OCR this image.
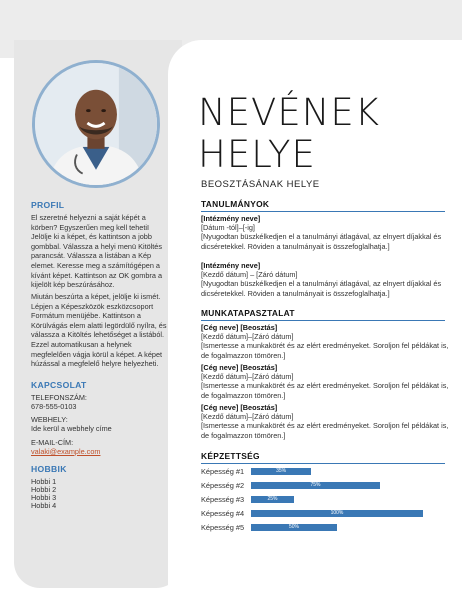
PROFIL
El szeretné helyezni a saját képét a körben? Egyszerűen meg kell tehetiI Jelölje ki a képet, és kattintson a jobb gombbal. Válassza a helyi menü Kitöltés parancsát. Válassza a listában a Kép elemet. Keresse meg a számítógépen a kívánt képet. Kattintson az OK gombra a kijelölt kép beszúrásához.
Miután beszúrta a képet, jelölje ki ismét. Lépjen a Képeszközök eszközcsoport Formátum menüjébe. Kattintson a Körülvágás elem alatti legördülő nyílra, és válassza a Kitöltés lehetőséget a listából. Ezzel automatikusan a helynek megfelelően vágja körül a képet. A képet húzással a megfelelő helyre helyezheti.
KAPCSOLAT
TELEFONSZÁM:
678-555-0103
WEBHELY:
Ide kerül a webhely címe
E-MAIL-CÍM:
valaki@example.com
HOBBIK
Hobbi 1
Hobbi 2
Hobbi 3
Hobbi 4
NEVÉNEK
HELYE
BEOSZTÁSÁNAK HELYE
TANULMÁNYOK
[Intézmény neve]
[Dátum -tól]–[-ig]
[Nyugodtan büszkélkedjen el a tanulmányi átlagával, az elnyert díjakkal és dicséretekkel. Röviden a tanulmányait is összefoglalhatja.]
[Intézmény neve]
[Kezdő dátum] – [Záró dátum]
[Nyugodtan büszkélkedjen el a tanulmányi átlagával, az elnyert díjakkal és dicséretekkel. Röviden a tanulmányait is összefoglalhatja.]
MUNKATAPASZTALAT
[Cég neve] [Beosztás]
[Kezdő dátum]–[Záró dátum]
[Ismertesse a munkakörét és az elért eredményeket. Soroljon fel példákat is, de fogalmazzon tömören.]
[Cég neve] [Beosztás]
[Kezdő dátum]–[Záró dátum]
[Ismertesse a munkakörét és az elért eredményeket. Soroljon fel példákat is, de fogalmazzon tömören.]
[Cég neve] [Beosztás]
[Kezdő dátum]–[Záró dátum]
[Ismertesse a munkakörét és az elért eredményeket. Soroljon fel példákat is, de fogalmazzon tömören.]
KÉPZETTSÉG
Képesség #1	35%
Képesség #2	75%
Képesség #3	25%
Képesség #4	100%
Képesség #5	50%
